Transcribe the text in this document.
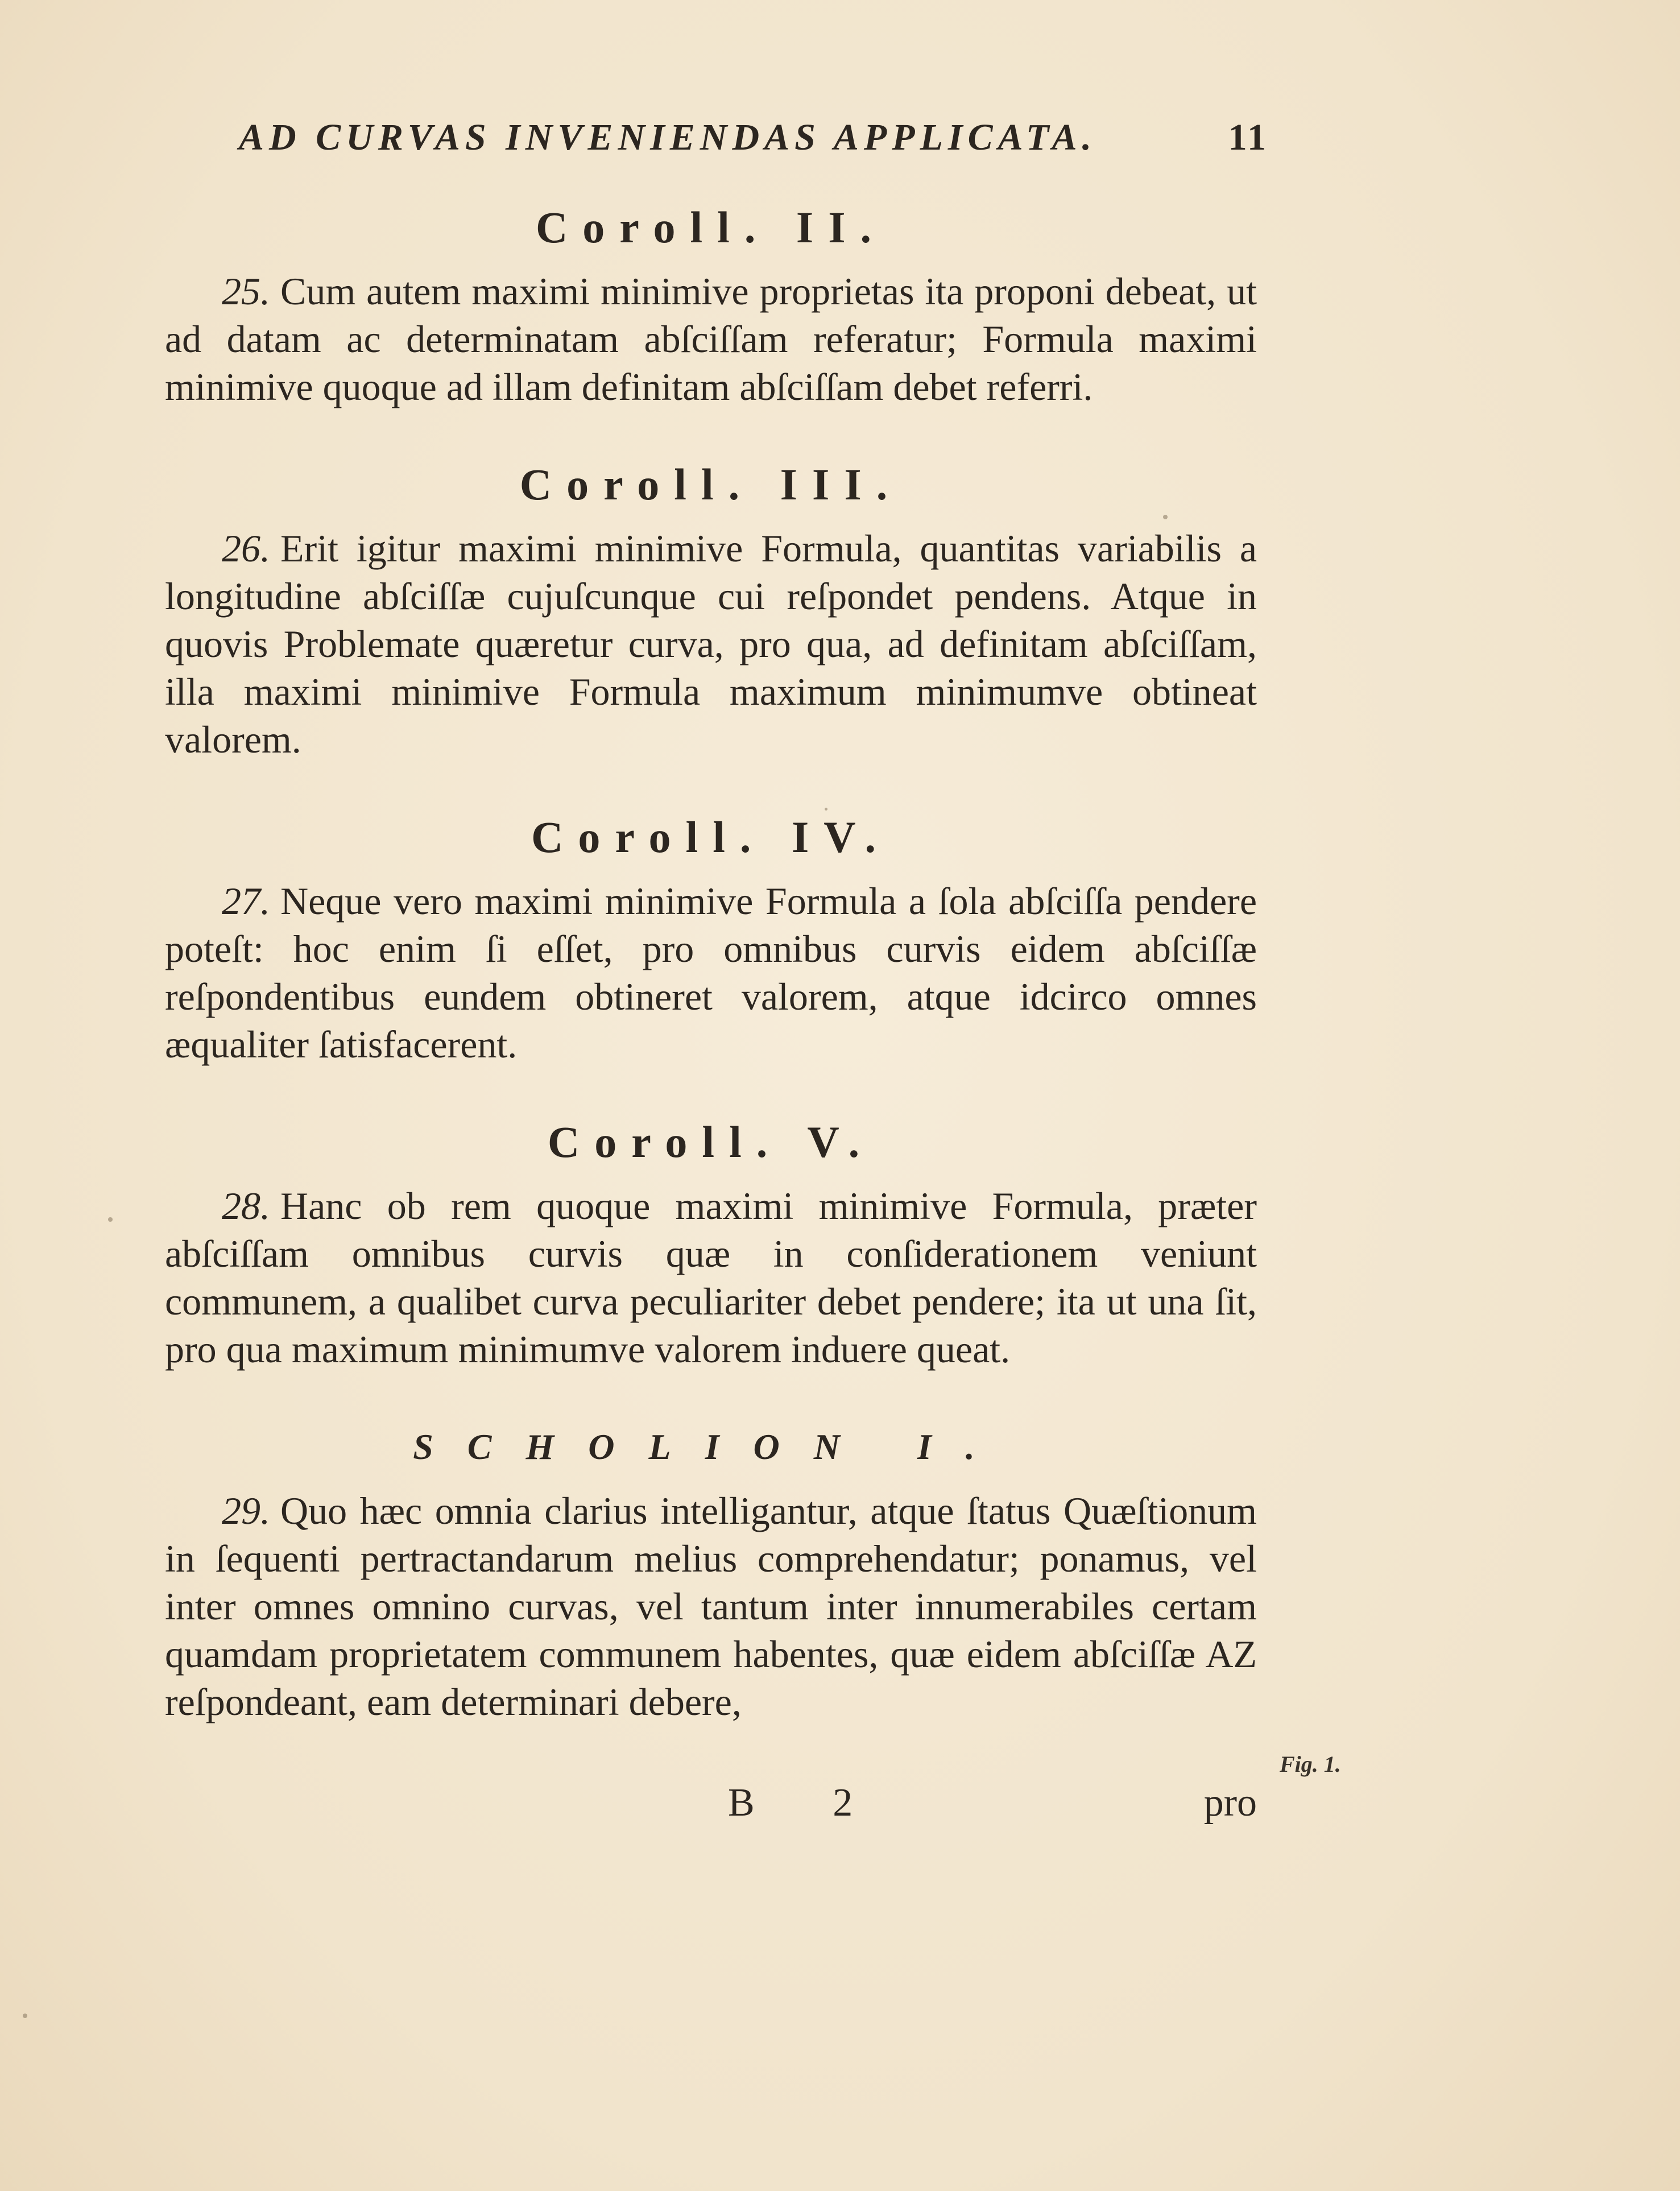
AD CURVAS INVENIENDAS APPLICATA.	11
Coroll. II.

25. Cum autem maximi minimive proprietas ita proponi debeat, ut ad datam ac determinatam abſciſſam referatur; Formula maximi minimive quoque ad illam definitam abſciſſam debet referri.

Coroll. III.

26. Erit igitur maximi minimive Formula, quantitas variabilis a longitudine abſciſſæ cujuſcunque cui reſpondet pendens. Atque in quovis Problemate quæretur curva, pro qua, ad definitam abſciſſam, illa maximi minimive Formula maximum minimumve obtineat valorem.

Coroll. IV.

27. Neque vero maximi minimive Formula a ſola abſciſſa pendere poteſt: hoc enim ſi eſſet, pro omnibus curvis eidem abſciſſæ reſpondentibus eundem obtineret valorem, atque idcirco omnes æqualiter ſatisfacerent.

Coroll. V.

28. Hanc ob rem quoque maximi minimive Formula, præter abſciſſam omnibus curvis quæ in conſiderationem veniunt communem, a qualibet curva peculiariter debet pendere; ita ut una ſit, pro qua maximum minimumve valorem induere queat.

SCHOLION I.

29. Quo hæc omnia clarius intelligantur, atque ſtatus Quæſtionum in ſequenti pertractandarum melius comprehendatur; ponamus, vel inter omnes omnino curvas, vel tantum inter innumerabiles certam quamdam proprietatem communem habentes, quæ eidem abſciſſæ AZ reſpondeant, eam determinari debere,

B 2	pro
Fig. 1.
